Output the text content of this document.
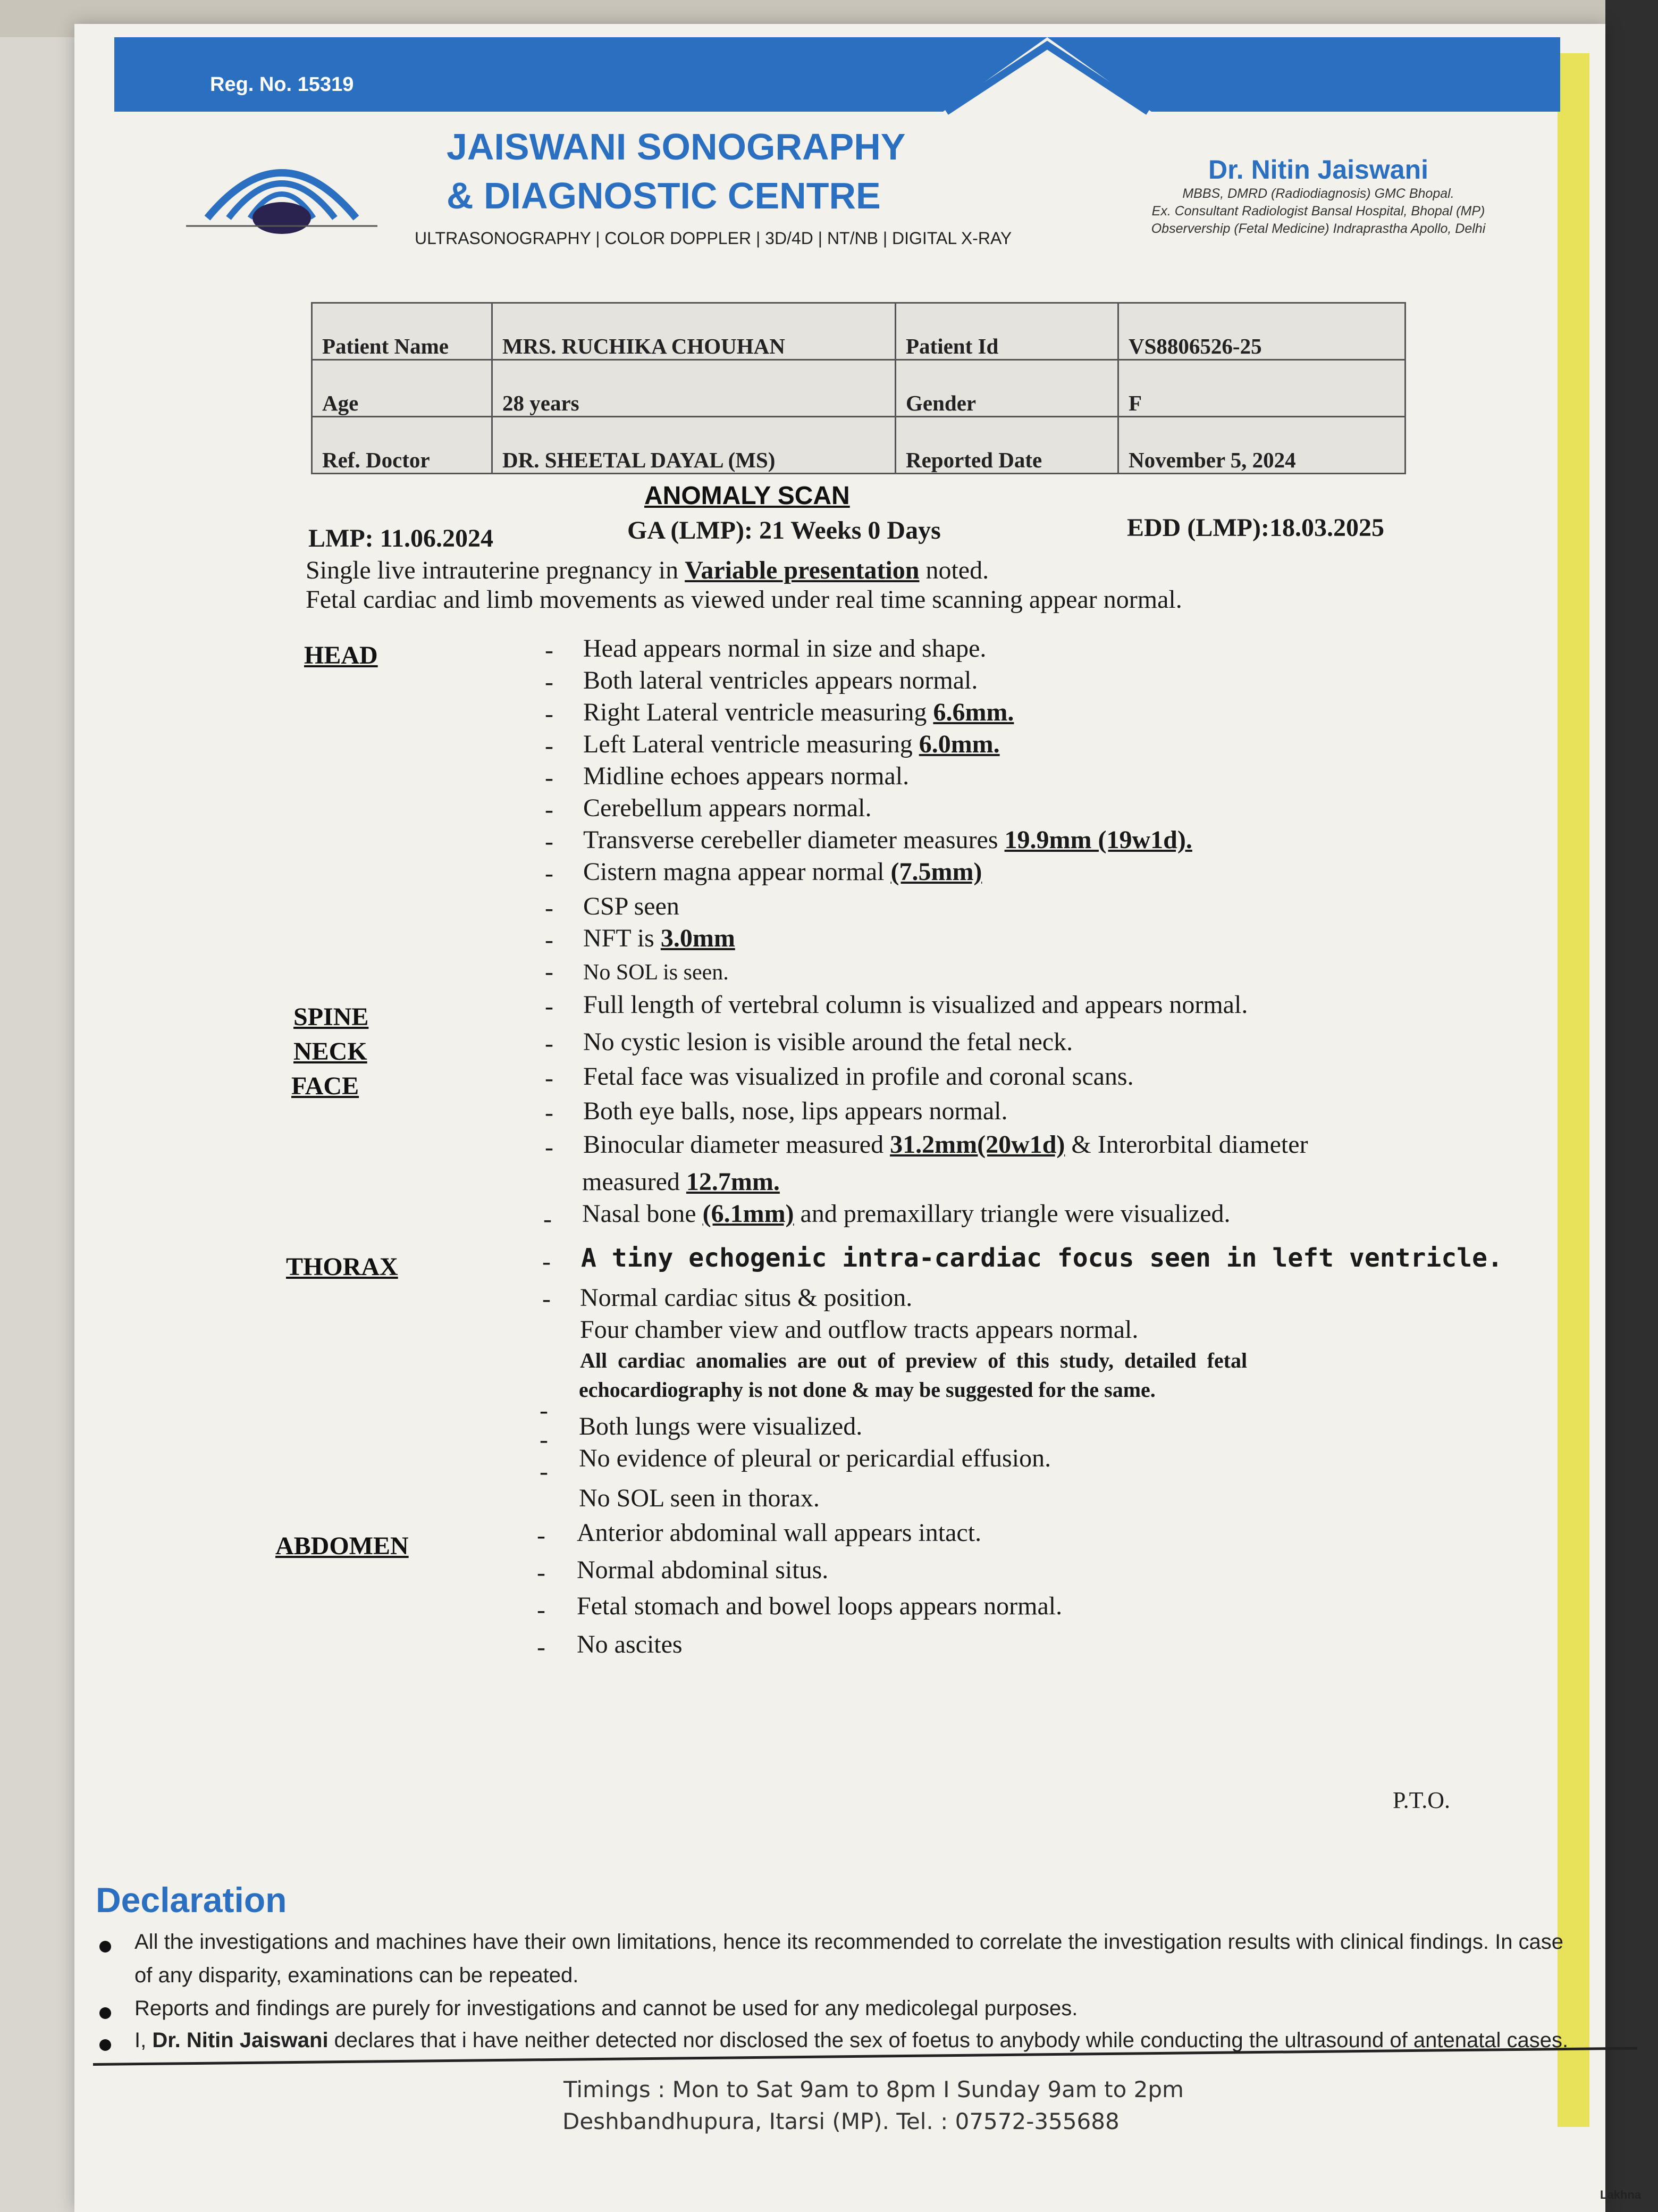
Reg. No. 15319
JAISWANI SONOGRAPHY
& DIAGNOSTIC CENTRE
ULTRASONOGRAPHY | COLOR DOPPLER | 3D/4D | NT/NB | DIGITAL X-RAY
Dr. Nitin Jaiswani
MBBS, DMRD (Radiodiagnosis) GMC Bhopal.
Ex. Consultant Radiologist Bansal Hospital, Bhopal (MP)
Observership (Fetal Medicine) Indraprastha Apollo, Delhi
Patient Name	MRS. RUCHIKA CHOUHAN	Patient Id	VS8806526-25
Age	28 years	Gender	F
Ref. Doctor	DR. SHEETAL DAYAL (MS)	Reported Date	November 5, 2024
ANOMALY SCAN
LMP: 11.06.2024	GA (LMP): 21 Weeks 0 Days	EDD (LMP):18.03.2025
Single live intrauterine pregnancy in Variable presentation noted.
Fetal cardiac and limb movements as viewed under real time scanning appear normal.
HEAD	- Head appears normal in size and shape.
- Both lateral ventricles appears normal.
- Right Lateral ventricle measuring 6.6mm.
- Left Lateral ventricle measuring 6.0mm.
- Midline echoes appears normal.
- Cerebellum appears normal.
- Transverse cerebeller diameter measures 19.9mm (19w1d).
- Cistern magna appear normal (7.5mm)
- CSP seen
- NFT is 3.0mm
- No SOL is seen.
SPINE	- Full length of vertebral column is visualized and appears normal.
NECK	- No cystic lesion is visible around the fetal neck.
FACE	- Fetal face was visualized in profile and coronal scans.
- Both eye balls, nose, lips appears normal.
- Binocular diameter measured 31.2mm(20w1d) & Interorbital diameter
measured 12.7mm.
- Nasal bone (6.1mm) and premaxillary triangle were visualized.
THORAX	- A tiny echogenic intra-cardiac focus seen in left ventricle.
- Normal cardiac situs & position.
Four chamber view and outflow tracts appears normal.
All  cardiac  anomalies  are  out  of  preview  of  this  study,  detailed  fetal
-
echocardiography is not done & may be suggested for the same.
- Both lungs were visualized.
- No evidence of pleural or pericardial effusion.
No SOL seen in thorax.
ABDOMEN	- Anterior abdominal wall appears intact.
- Normal abdominal situs.
- Fetal stomach and bowel loops appears normal.
- No ascites
P.T.O.
Declaration
All the investigations and machines have their own limitations, hence its recommended to correlate the investigation results with clinical findings. In case
of any disparity, examinations can be repeated.
Reports and findings are purely for investigations and cannot be used for any medicolegal purposes.
I, Dr. Nitin Jaiswani declares that i have neither detected nor disclosed the sex of foetus to anybody while conducting the ultrasound of antenatal cases.
Timings : Mon to Sat 9am to 8pm I Sunday 9am to 2pm
Deshbandhupura, Itarsi (MP). Tel. : 07572-355688
Lakhna
